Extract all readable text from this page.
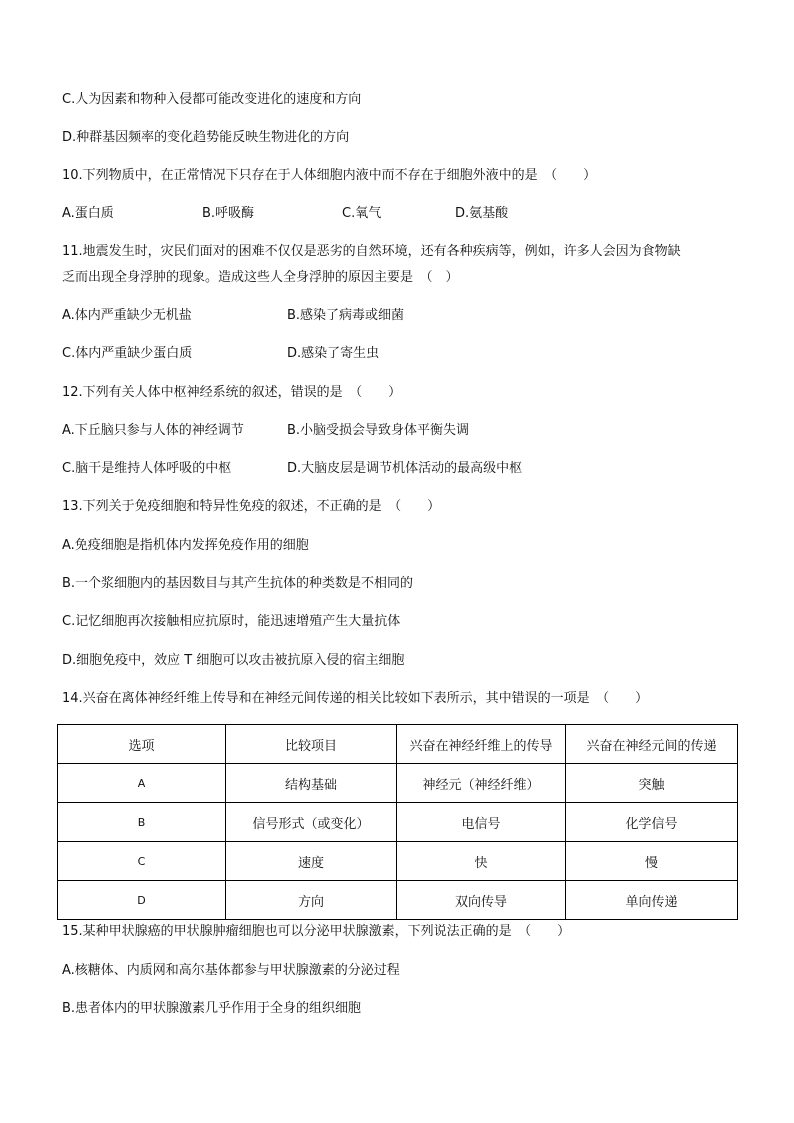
C.人为因素和物种入侵都可能改变进化的速度和方向
D.种群基因频率的变化趋势能反映生物进化的方向
10.下列物质中，在正常情况下只存在于人体细胞内液中而不存在于细胞外液中的是　（　　）
A.蛋白质	B.呼吸酶	C.氧气	D.氨基酸
11.地震发生时，灾民们面对的困难不仅仅是恶劣的自然环境，还有各种疾病等，例如，许多人会因为食物缺
乏而出现全身浮肿的现象。造成这些人全身浮肿的原因主要是　（　）
A.体内严重缺少无机盐	B.感染了病毒或细菌
C.体内严重缺少蛋白质	D.感染了寄生虫
12.下列有关人体中枢神经系统的叙述，错误的是　（　　）
A.下丘脑只参与人体的神经调节	B.小脑受损会导致身体平衡失调
C.脑干是维持人体呼吸的中枢	D.大脑皮层是调节机体活动的最高级中枢
13.下列关于免疫细胞和特异性免疫的叙述，不正确的是　（　　）
A.免疫细胞是指机体内发挥免疫作用的细胞
B.一个浆细胞内的基因数目与其产生抗体的种类数是不相同的
C.记忆细胞再次接触相应抗原时，能迅速增殖产生大量抗体
D.细胞免疫中，效应 T 细胞可以攻击被抗原入侵的宿主细胞
14.兴奋在离体神经纤维上传导和在神经元间传递的相关比较如下表所示，其中错误的一项是　（　　）
选项	比较项目	兴奋在神经纤维上的传导	兴奋在神经元间的传递
A	结构基础	神经元（神经纤维）	突触
B	信号形式（或变化）	电信号	化学信号
C	速度	快	慢
D	方向	双向传导	单向传递
15.某种甲状腺癌的甲状腺肿瘤细胞也可以分泌甲状腺激素，下列说法正确的是　（　　）
A.核糖体、内质网和高尔基体都参与甲状腺激素的分泌过程
B.患者体内的甲状腺激素几乎作用于全身的组织细胞
